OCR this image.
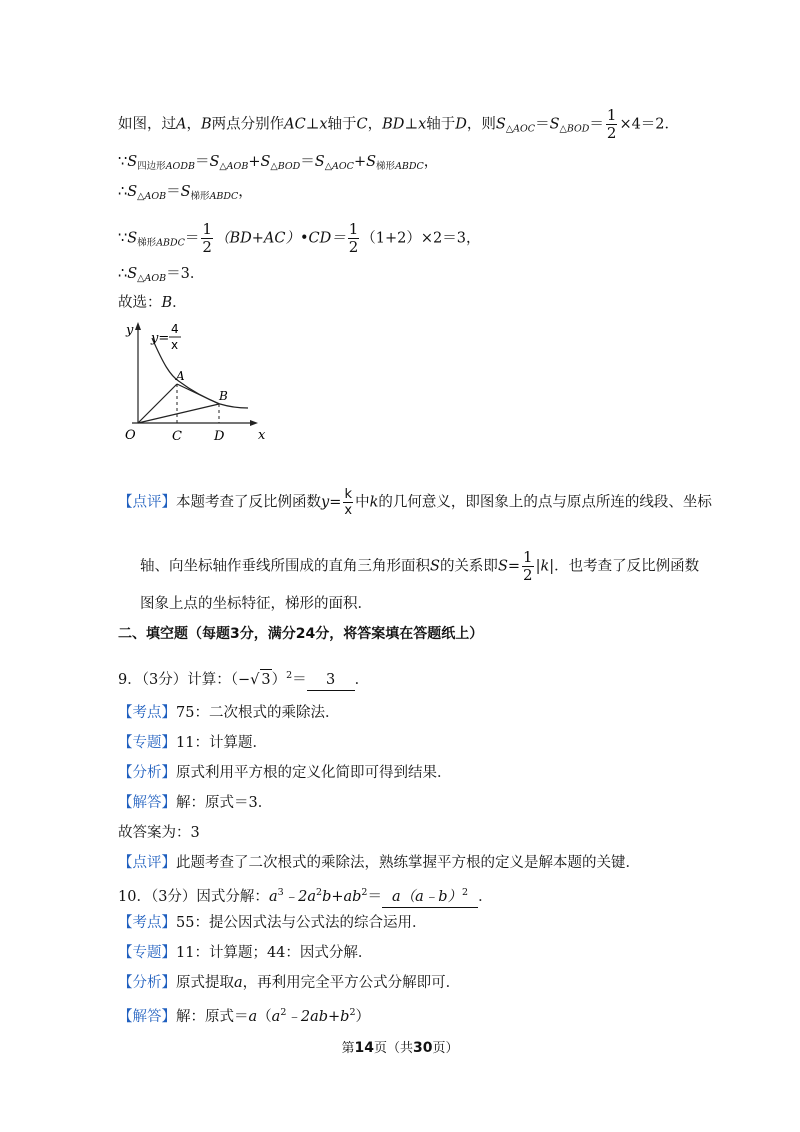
如图，过A，B两点分别作AC⊥x轴于C，BD⊥x轴于D，则$S_{\triangle AOC}=S_{\triangle BOD}= \frac{1}{2} \times 4=2$．
$\because S_{四边形AODB}=S_{\triangle AOB}+S_{\triangle BOD}=S_{\triangle AOC}+S_{梯形ABDC}$，
$\therefore S_{\triangle AOB}=S_{梯形ABDC}$，
$\because S_{梯形ABDC}= \frac{1}{2}$ （BD+AC）•CD＝ $\frac{1}{2} (1+2)\times 2=3$，
$\therefore S_{\triangle AOB}=3$．
故选：B．
y
x
y=
4
x
A
B
O	C D
【点评】本题考查了反比例函数$y= \frac{k}{x}$ 中k的几何意义，即图象上的点与原点所连的线段、坐标
轴、向坐标轴作垂线所围成的直角三角形面积S的关系即$S= \frac{1}{2} |k|$．也考查了反比例函数
图象上点的坐标特征，梯形的面积．
二、填空题（每题3分，满分24分，将答案填在答题纸上）
9．（3分）计算：（−√ 3）$^2$＝ 3 ．
【考点】75：二次根式的乘除法．
【专题】11：计算题．
【分析】原式利用平方根的定义化简即可得到结果．
【解答】解：原式＝3．
故答案为：3
【点评】此题考查了二次根式的乘除法，熟练掌握平方根的定义是解本题的关键．
10．（3分）因式分解：$a^3﹣2a^2b+ab^2=$ a（a﹣b）$^2$ ．
【考点】55：提公因式法与公式法的综合运用．
【专题】11：计算题；44：因式分解．
【分析】原式提取a，再利用完全平方公式分解即可．
【解答】解：原式$=a(a^2﹣2ab+b^2)$
第14页（共30页）
